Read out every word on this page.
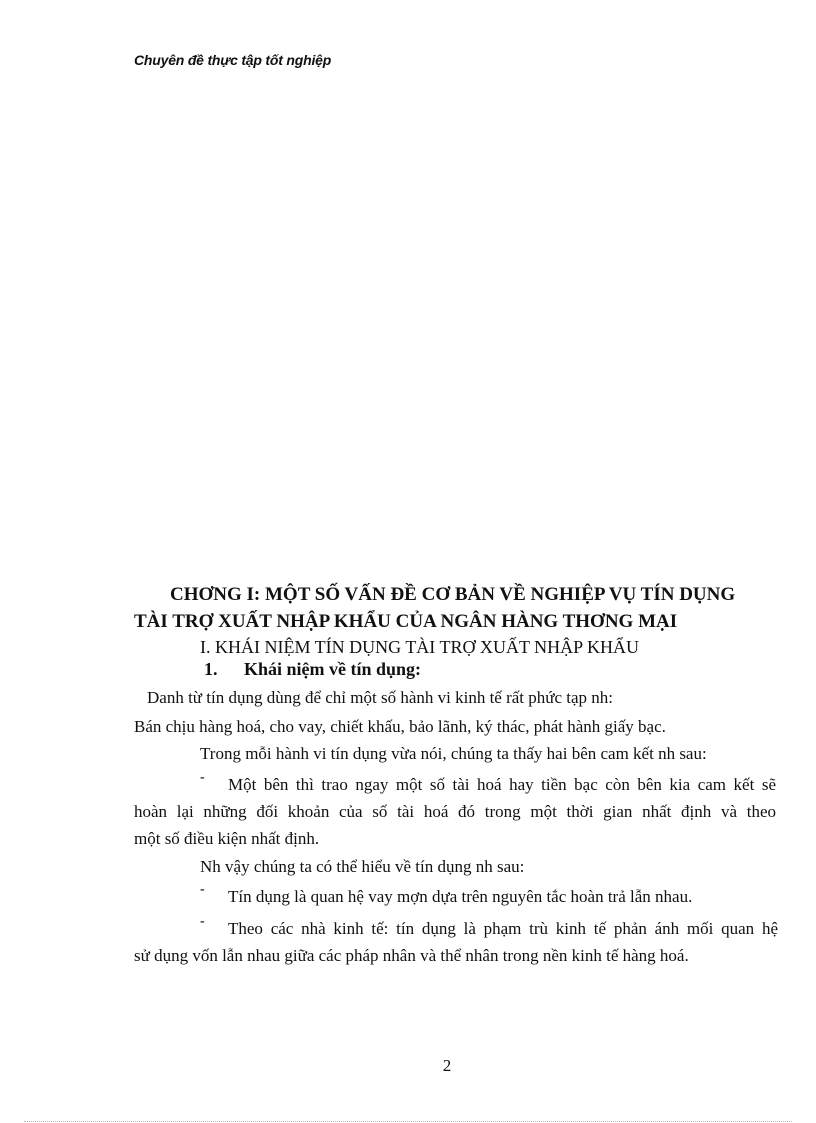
Chuyên đề thực tập tốt nghiệp
CHƠNG I: MỘT SỐ VẤN ĐỀ CƠ BẢN VỀ NGHIỆP VỤ TÍN DỤNG
TÀI TRỢ XUẤT NHẬP KHẨU CỦA NGÂN HÀNG THƠNG MẠI
I. KHÁI NIỆM TÍN DỤNG TÀI TRỢ XUẤT NHẬP KHẨU
1. Khái niệm về tín dụng:
Danh từ tín dụng dùng để chỉ một số hành vi kinh tế rất phức tạp nh:
Bán chịu hàng hoá, cho vay, chiết khấu, bảo lãnh, ký thác, phát hành giấy bạc.
Trong mỗi hành vi tín dụng vừa nói, chúng ta thấy hai bên cam kết nh sau:
- Một bên thì trao ngay một số tài hoá hay tiền bạc còn bên kia cam kết sẽ
hoàn lại những đối khoản của số tài hoá đó trong một thời gian nhất định và theo
một số điều kiện nhất định.
Nh vậy chúng ta có thể hiểu về tín dụng nh sau:
- Tín dụng là quan hệ vay mợn dựa trên nguyên tắc hoàn trả lẫn nhau.
- Theo các nhà kinh tế: tín dụng là phạm trù kinh tế phản ánh mối quan hệ
sử dụng vốn lẫn nhau giữa các pháp nhân và thể nhân trong nền kinh tế hàng hoá.
2
